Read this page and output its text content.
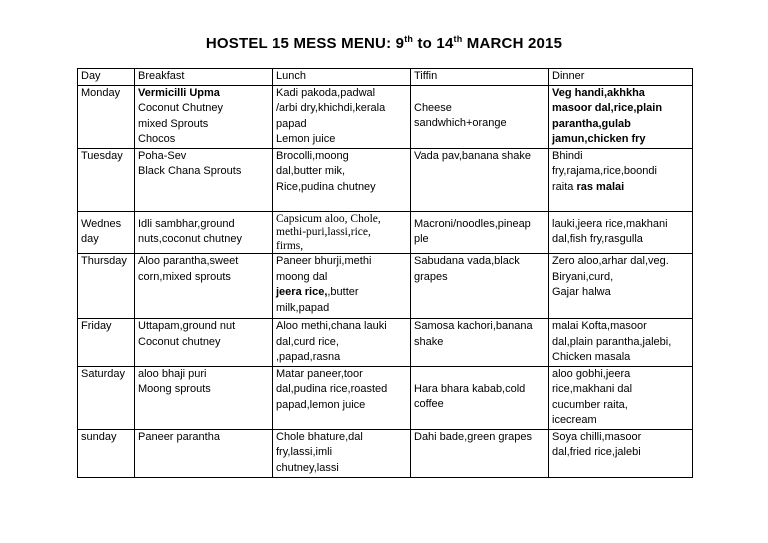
HOSTEL 15 MESS MENU: 9th to 14th MARCH 2015
Day	Breakfast	Lunch	Tiffin	Dinner

Monday	Vermicilli Upma
Coconut Chutney
mixed Sprouts
Chocos	Kadi pakoda,padwal
/arbi dry,khichdi,kerala
papad
Lemon juice	Cheese
sandwhich+orange	Veg handi,akhkha
masoor dal,rice,plain
parantha,gulab
jamun,chicken fry

Tuesday	Poha-Sev
Black Chana Sprouts	Brocolli,moong
dal,butter mik,
Rice,pudina chutney	Vada pav,banana shake	Bhindi
fry,rajama,rice,boondi
raita ras malai

Wednes
day	Idli sambhar,ground
nuts,coconut chutney	Capsicum aloo, Chole,
methi-puri,lassi,rice,
firms,	Macroni/noodles,pineap
ple	lauki,jeera rice,makhani
dal,fish fry,rasgulla

Thursday	Aloo parantha,sweet
corn,mixed sprouts	Paneer bhurji,methi
moong dal
jeera rice,,butter
milk,papad	Sabudana vada,black
grapes	Zero aloo,arhar dal,veg.
Biryani,curd,
Gajar halwa

Friday	Uttapam,ground nut
Coconut chutney	Aloo methi,chana lauki
dal,curd rice,
,papad,rasna	Samosa kachori,banana
shake	malai Kofta,masoor
dal,plain parantha,jalebi,
Chicken masala

Saturday	aloo bhaji puri
Moong sprouts	Matar paneer,toor
dal,pudina rice,roasted
papad,lemon juice	Hara bhara kabab,cold
coffee	aloo gobhi,jeera
rice,makhani dal
cucumber raita,
icecream

sunday	Paneer parantha	Chole bhature,dal
fry,lassi,imli
chutney,lassi	Dahi bade,green grapes	Soya chilli,masoor
dal,fried rice,jalebi
